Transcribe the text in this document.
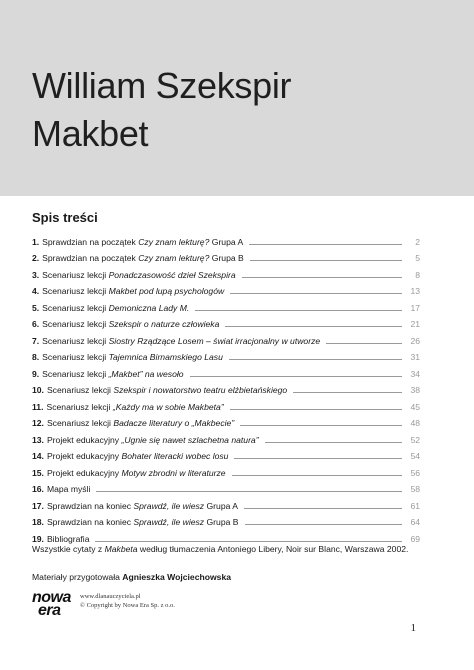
William Szekspir
Makbet
Spis treści
1. Sprawdzian na początek Czy znam lekturę? Grupa A	2
2. Sprawdzian na początek Czy znam lekturę? Grupa B	5
3. Scenariusz lekcji Ponadczasowość dzieł Szekspira	8
4. Scenariusz lekcji Makbet pod lupą psychologów	13
5. Scenariusz lekcji Demoniczna Lady M.	17
6. Scenariusz lekcji Szekspir o naturze człowieka	21
7. Scenariusz lekcji Siostry Rządzące Losem – świat irracjonalny w utworze	26
8. Scenariusz lekcji Tajemnica Birnamskiego Lasu	31
9. Scenariusz lekcji „Makbet” na wesoło	34
10. Scenariusz lekcji Szekspir i nowatorstwo teatru elżbietańskiego	38
11. Scenariusz lekcji „Każdy ma w sobie Makbeta”	45
12. Scenariusz lekcji Badacze literatury o „Makbecie”	48
13. Projekt edukacyjny „Ugnie się nawet szlachetna natura”	52
14. Projekt edukacyjny Bohater literacki wobec losu	54
15. Projekt edukacyjny Motyw zbrodni w literaturze	56
16. Mapa myśli	58
17. Sprawdzian na koniec Sprawdź, ile wiesz Grupa A	61
18. Sprawdzian na koniec Sprawdź, ile wiesz Grupa B	64
19. Bibliografia	69
Wszystkie cytaty z Makbeta według tłumaczenia Antoniego Libery, Noir sur Blanc, Warszawa 2002.
Materiały przygotowała Agnieszka Wojciechowska
nowa
era
www.dlanauczyciela.pl
© Copyright by Nowa Era Sp. z o.o.
1
